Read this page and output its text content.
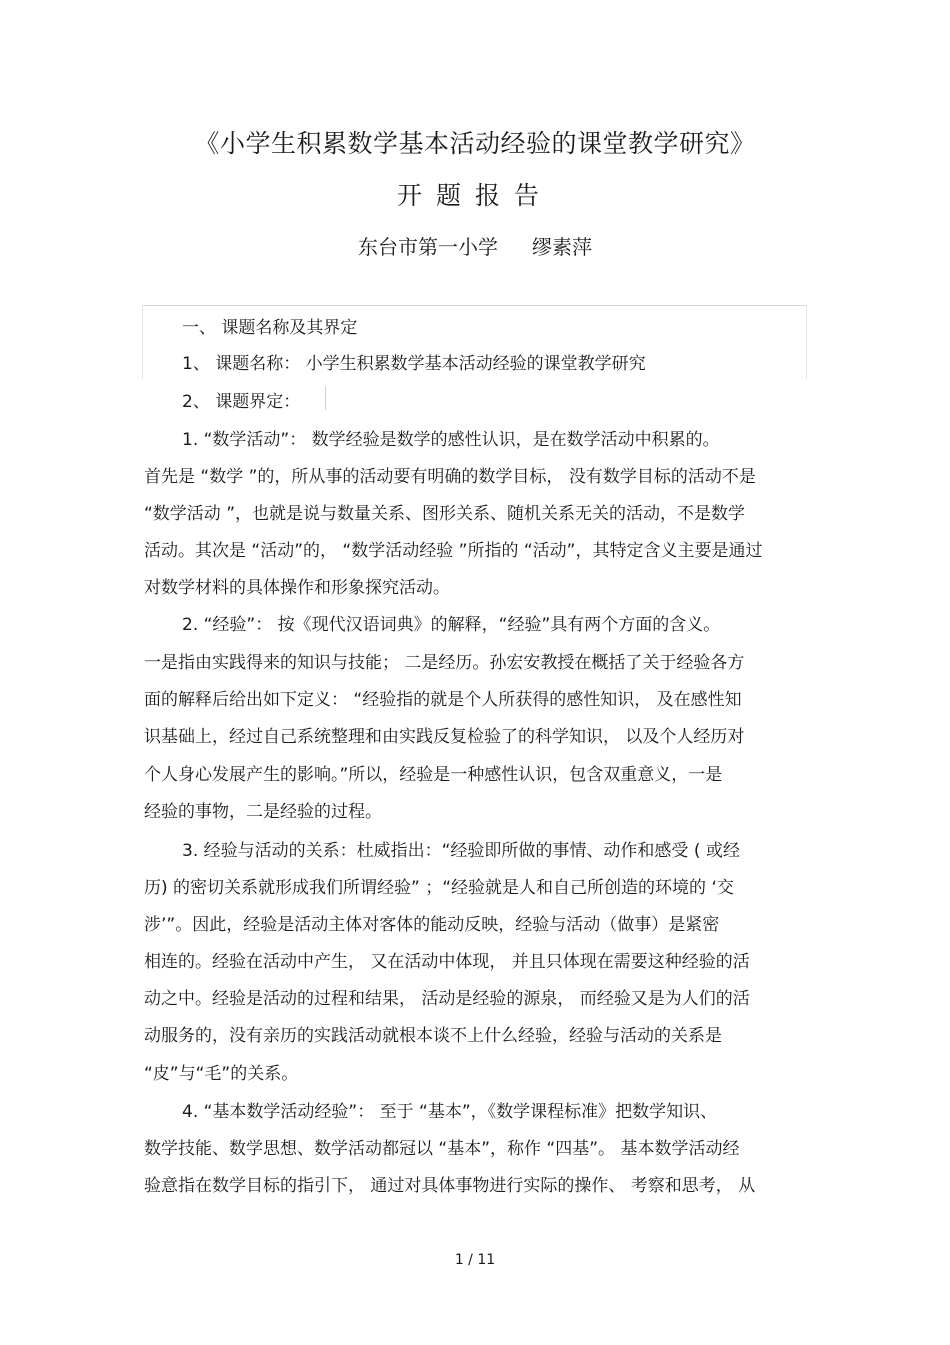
《小学生积累数学基本活动经验的课堂教学研究》
开题报告
东台市第一小学 缪素萍
一、 课题名称及其界定
1、 课题名称： 小学生积累数学基本活动经验的课堂教学研究
2、 课题界定：
1. “数学活动”： 数学经验是数学的感性认识，是在数学活动中积累的。
首先是 “数学 ”的，所从事的活动要有明确的数学目标， 没有数学目标的活动不是
“数学活动 ”，也就是说与数量关系、图形关系、随机关系无关的活动，不是数学
活动。其次是 “活动”的， “数学活动经验 ”所指的 “活动”，其特定含义主要是通过
对数学材料的具体操作和形象探究活动。
2. “经验”： 按《现代汉语词典》的解释，“经验”具有两个方面的含义。
一是指由实践得来的知识与技能； 二是经历。孙宏安教授在概括了关于经验各方
面的解释后给出如下定义： “经验指的就是个人所获得的感性知识， 及在感性知
识基础上，经过自己系统整理和由实践反复检验了的科学知识， 以及个人经历对
个人身心发展产生的影响。”所以，经验是一种感性认识，包含双重意义，一是
经验的事物，二是经验的过程。
3. 经验与活动的关系：杜威指出：“经验即所做的事情、动作和感受 ( 或经
历) 的密切关系就形成我们所谓经验” ；“经验就是人和自己所创造的环境的 ‘交
涉’”。因此，经验是活动主体对客体的能动反映，经验与活动（做事）是紧密
相连的。经验在活动中产生， 又在活动中体现， 并且只体现在需要这种经验的活
动之中。经验是活动的过程和结果， 活动是经验的源泉， 而经验又是为人们的活
动服务的，没有亲历的实践活动就根本谈不上什么经验，经验与活动的关系是
“皮”与“毛”的关系。
4. “基本数学活动经验”： 至于 “基本”，《数学课程标准》把数学知识、
数学技能、数学思想、数学活动都冠以 “基本”，称作 “四基”。 基本数学活动经
验意指在数学目标的指引下， 通过对具体事物进行实际的操作、 考察和思考， 从
1 / 11
